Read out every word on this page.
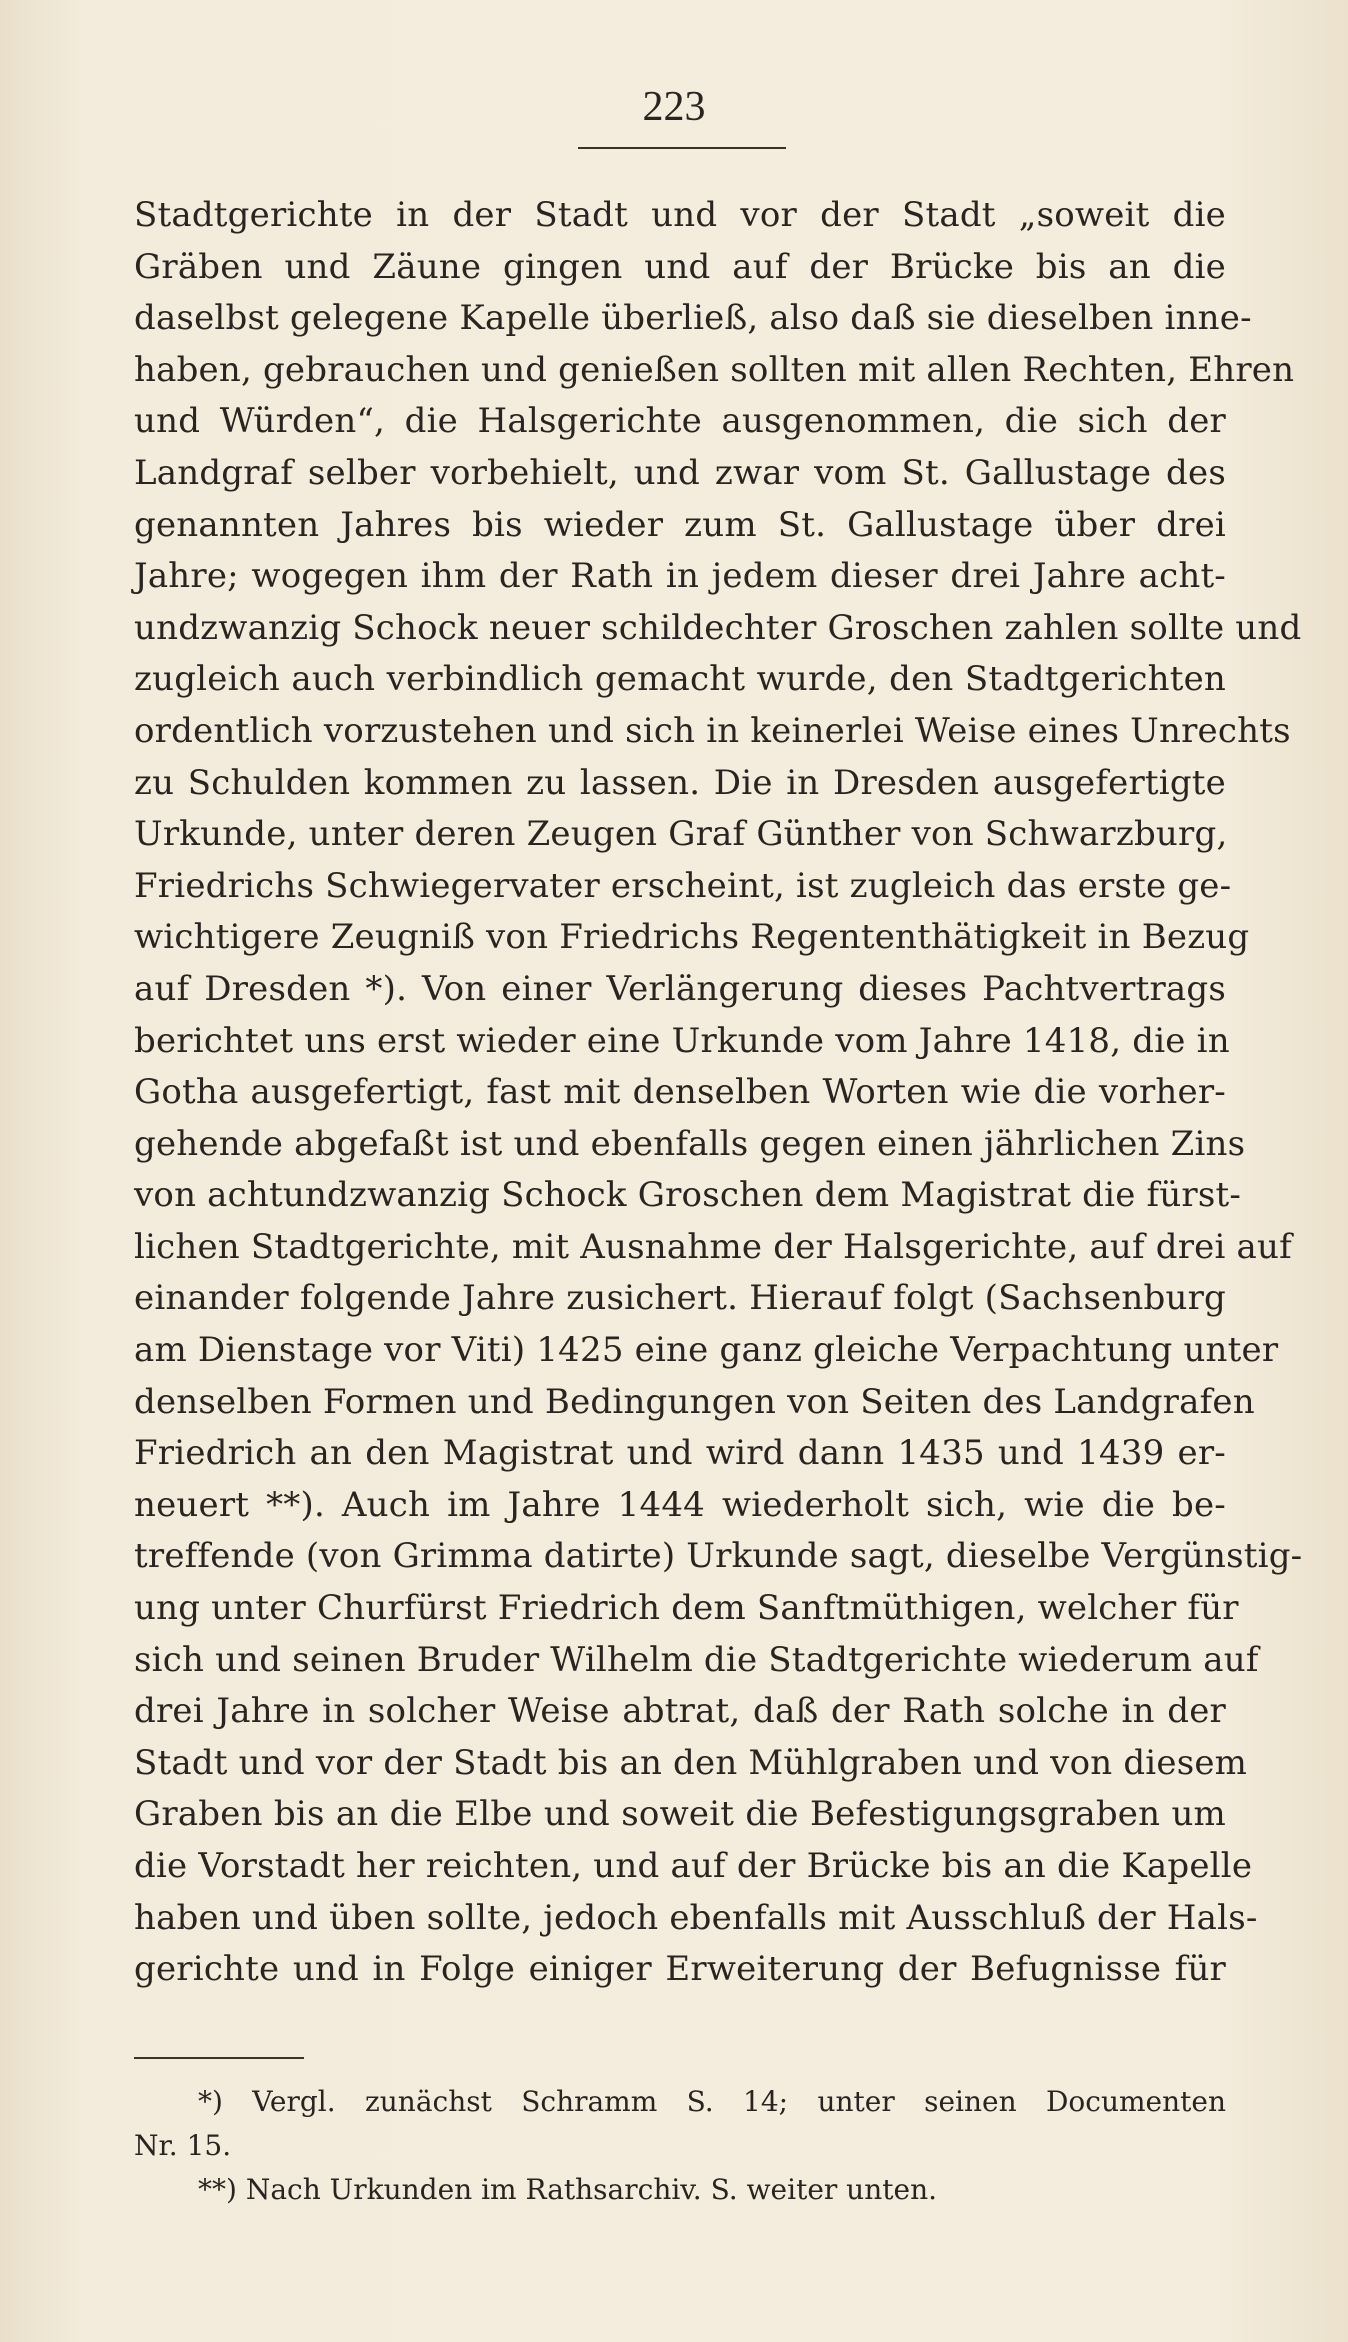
223
Stadtgerichte in der Stadt und vor der Stadt „soweit die
Gräben und Zäune gingen und auf der Brücke bis an die
daselbst gelegene Kapelle überließ, also daß sie dieselben inne-
haben, gebrauchen und genießen sollten mit allen Rechten, Ehren
und Würden“, die Halsgerichte ausgenommen, die sich der
Landgraf selber vorbehielt, und zwar vom St. Gallustage des
genannten Jahres bis wieder zum St. Gallustage über drei
Jahre; wogegen ihm der Rath in jedem dieser drei Jahre acht-
undzwanzig Schock neuer schildechter Groschen zahlen sollte und
zugleich auch verbindlich gemacht wurde, den Stadtgerichten
ordentlich vorzustehen und sich in keinerlei Weise eines Unrechts
zu Schulden kommen zu lassen. Die in Dresden ausgefertigte
Urkunde, unter deren Zeugen Graf Günther von Schwarzburg,
Friedrichs Schwiegervater erscheint, ist zugleich das erste ge-
wichtigere Zeugniß von Friedrichs Regententhätigkeit in Bezug
auf Dresden *). Von einer Verlängerung dieses Pachtvertrags
berichtet uns erst wieder eine Urkunde vom Jahre 1418, die in
Gotha ausgefertigt, fast mit denselben Worten wie die vorher-
gehende abgefaßt ist und ebenfalls gegen einen jährlichen Zins
von achtundzwanzig Schock Groschen dem Magistrat die fürst-
lichen Stadtgerichte, mit Ausnahme der Halsgerichte, auf drei auf
einander folgende Jahre zusichert. Hierauf folgt (Sachsenburg
am Dienstage vor Viti) 1425 eine ganz gleiche Verpachtung unter
denselben Formen und Bedingungen von Seiten des Landgrafen
Friedrich an den Magistrat und wird dann 1435 und 1439 er-
neuert **). Auch im Jahre 1444 wiederholt sich, wie die be-
treffende (von Grimma datirte) Urkunde sagt, dieselbe Vergünstig-
ung unter Churfürst Friedrich dem Sanftmüthigen, welcher für
sich und seinen Bruder Wilhelm die Stadtgerichte wiederum auf
drei Jahre in solcher Weise abtrat, daß der Rath solche in der
Stadt und vor der Stadt bis an den Mühlgraben und von diesem
Graben bis an die Elbe und soweit die Befestigungsgraben um
die Vorstadt her reichten, und auf der Brücke bis an die Kapelle
haben und üben sollte, jedoch ebenfalls mit Ausschluß der Hals-
gerichte und in Folge einiger Erweiterung der Befugnisse für
*) Vergl. zunächst Schramm S. 14; unter seinen Documenten
Nr. 15.
**) Nach Urkunden im Rathsarchiv. S. weiter unten.
